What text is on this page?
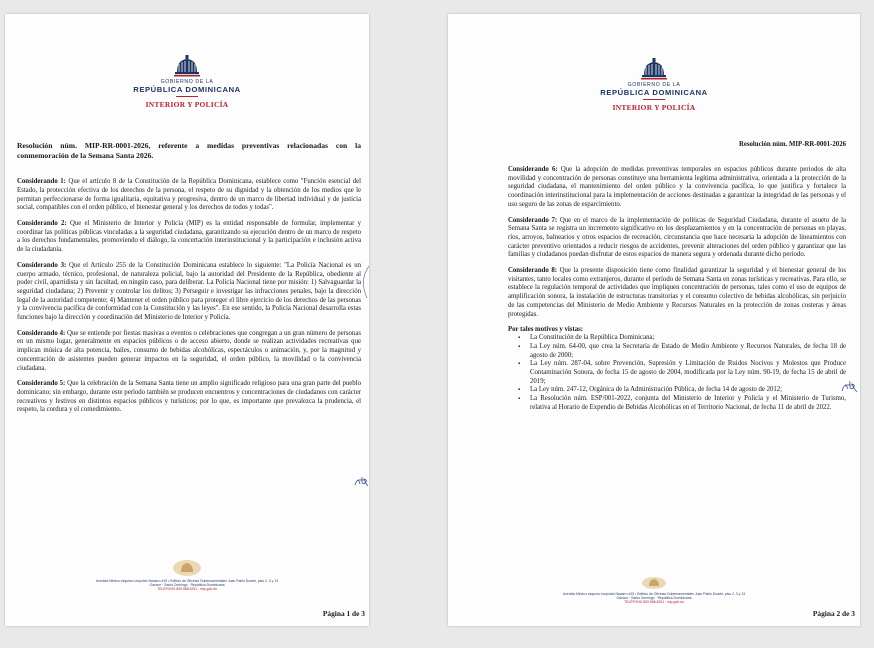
GOBIERNO DE LA
REPÚBLICA DOMINICANA
INTERIOR Y POLICÍA

Resolución núm. MIP-RR-0001-2026, referente a medidas preventivas relacionadas con la conmemoración de la Semana Santa 2026.

Considerando 1: Que el artículo 8 de la Constitución de la República Dominicana, establece como "Función esencial del Estado, la protección efectiva de los derechos de la persona, el respeto de su dignidad y la obtención de los medios que le permitan perfeccionarse de forma igualitaria, equitativa y progresiva, dentro de un marco de libertad individual y de justicia social, compatibles con el orden público, el bienestar general y los derechos de todos y todas".

Considerando 2: Que el Ministerio de Interior y Policía (MIP) es la entidad responsable de formular, implementar y coordinar las políticas públicas vinculadas a la seguridad ciudadana, garantizando su ejecución dentro de un marco de respeto a los derechos fundamentales, promoviendo el diálogo, la concertación interinstitucional y la participación e inclusión activa de la ciudadanía.

Considerando 3: Que el Artículo 255 de la Constitución Dominicana establece lo siguiente: "La Policía Nacional es un cuerpo armado, técnico, profesional, de naturaleza policial, bajo la autoridad del Presidente de la República, obediente al poder civil, apartidista y sin facultad, en ningún caso, para deliberar. La Policía Nacional tiene por misión: 1) Salvaguardar la seguridad ciudadana; 2) Prevenir y controlar los delitos; 3) Perseguir e investigar las infracciones penales, bajo la dirección legal de la autoridad competente; 4) Mantener el orden público para proteger el libre ejercicio de los derechos de las personas y la convivencia pacífica de conformidad con la Constitución y las leyes". En ese sentido, la Policía Nacional desarrolla estas funciones bajo la dirección y coordinación del Ministerio de Interior y Policía.

Considerando 4: Que se entiende por fiestas masivas a eventos o celebraciones que congregan a un gran número de personas en un mismo lugar, generalmente en espacios públicos o de acceso abierto, donde se realizan actividades recreativas que implican música de alta potencia, bailes, consumo de bebidas alcohólicas, espectáculos o animación, y, por la magnitud y concentración de asistentes pueden generar impactos en la seguridad, el orden público, la movilidad o la convivencia ciudadana.

Considerando 5: Que la celebración de la Semana Santa tiene un amplio significado religioso para una gran parte del pueblo dominicano; sin embargo, durante este período también se producen encuentros y concentraciones de ciudadanos con carácter recreativos y festivos en distintos espacios públicos y turísticos; por lo que, es importante que prevalezca la prudencia, el respeto, la cordura y el comedimiento.

Avenida México esquina Leopoldo Navarro #19 • Edificio de Oficinas Gubernamentales Juan Pablo Duarte, piso 2, 3 y 13
Gazcue · Santo Domingo · República Dominicana
TELÉFONO 809 686 6251 · mip.gob.do
Página 1 de 3
GOBIERNO DE LA
REPÚBLICA DOMINICANA
INTERIOR Y POLICÍA
Resolución núm. MIP-RR-0001-2026

Considerando 6: Que la adopción de medidas preventivas temporales en espacios públicos durante periodos de alta movilidad y concentración de personas constituye una herramienta legítima administrativa, orientada a la protección de la seguridad ciudadana, el mantenimiento del orden público y la convivencia pacífica, lo que justifica y fortalece la coordinación interinstitucional para la implementación de acciones destinadas a garantizar la integridad de las personas y el uso seguro de las zonas de esparcimiento.

Considerando 7: Que en el marco de la implementación de políticas de Seguridad Ciudadana, durante el asueto de la Semana Santa se registra un incremento significativo en los desplazamientos y en la concentración de personas en playas, ríos, arroyos, balnearios y otros espacios de recreación, circunstancia que hace necesaria la adopción de lineamientos con carácter preventivo orientados a reducir riesgos de accidentes, prevenir alteraciones del orden público y garantizar que las familias y ciudadanos puedan disfrutar de estos espacios de manera segura y ordenada durante dicho periodo.

Considerando 8: Que la presente disposición tiene como finalidad garantizar la seguridad y el bienestar general de los visitantes, tanto locales como extranjeros, durante el período de Semana Santa en zonas turísticas y recreativas. Para ello, se establece la regulación temporal de actividades que impliquen concentración de personas, tales como el uso de equipos de amplificación sonora, la instalación de estructuras transitorias y el consumo colectivo de bebidas alcohólicas, sin perjuicio de las competencias del Ministerio de Medio Ambiente y Recursos Naturales en la protección de zonas costeras y áreas protegidas.

Por tales motivos y vistas:
▪ La Constitución de la República Dominicana;
▪ La Ley núm. 64-00, que crea la Secretaría de Estado de Medio Ambiente y Recursos Naturales, de fecha 18 de agosto de 2000;
▪ La Ley núm. 287-04, sobre Prevención, Supresión y Limitación de Ruidos Nocivos y Molestos que Produce Contaminación Sonora, de fecha 15 de agosto de 2004, modificada por la Ley núm. 90-19, de fecha 15 de abril de 2019;
▪ La Ley núm. 247-12, Orgánica de la Administración Pública, de fecha 14 de agosto de 2012;
▪ La Resolución núm. ESP/001-2022, conjunta del Ministerio de Interior y Policía y el Ministerio de Turismo, relativa al Horario de Expendio de Bebidas Alcohólicas en el Territorio Nacional, de fecha 11 de abril de 2022.
Avenida México esquina Leopoldo Navarro #19 • Edificio de Oficinas Gubernamentales Juan Pablo Duarte, piso 2, 3 y 13
Gazcue · Santo Domingo · República Dominicana
TELÉFONO 809 686 6251 · mip.gob.do
Página 2 de 3
